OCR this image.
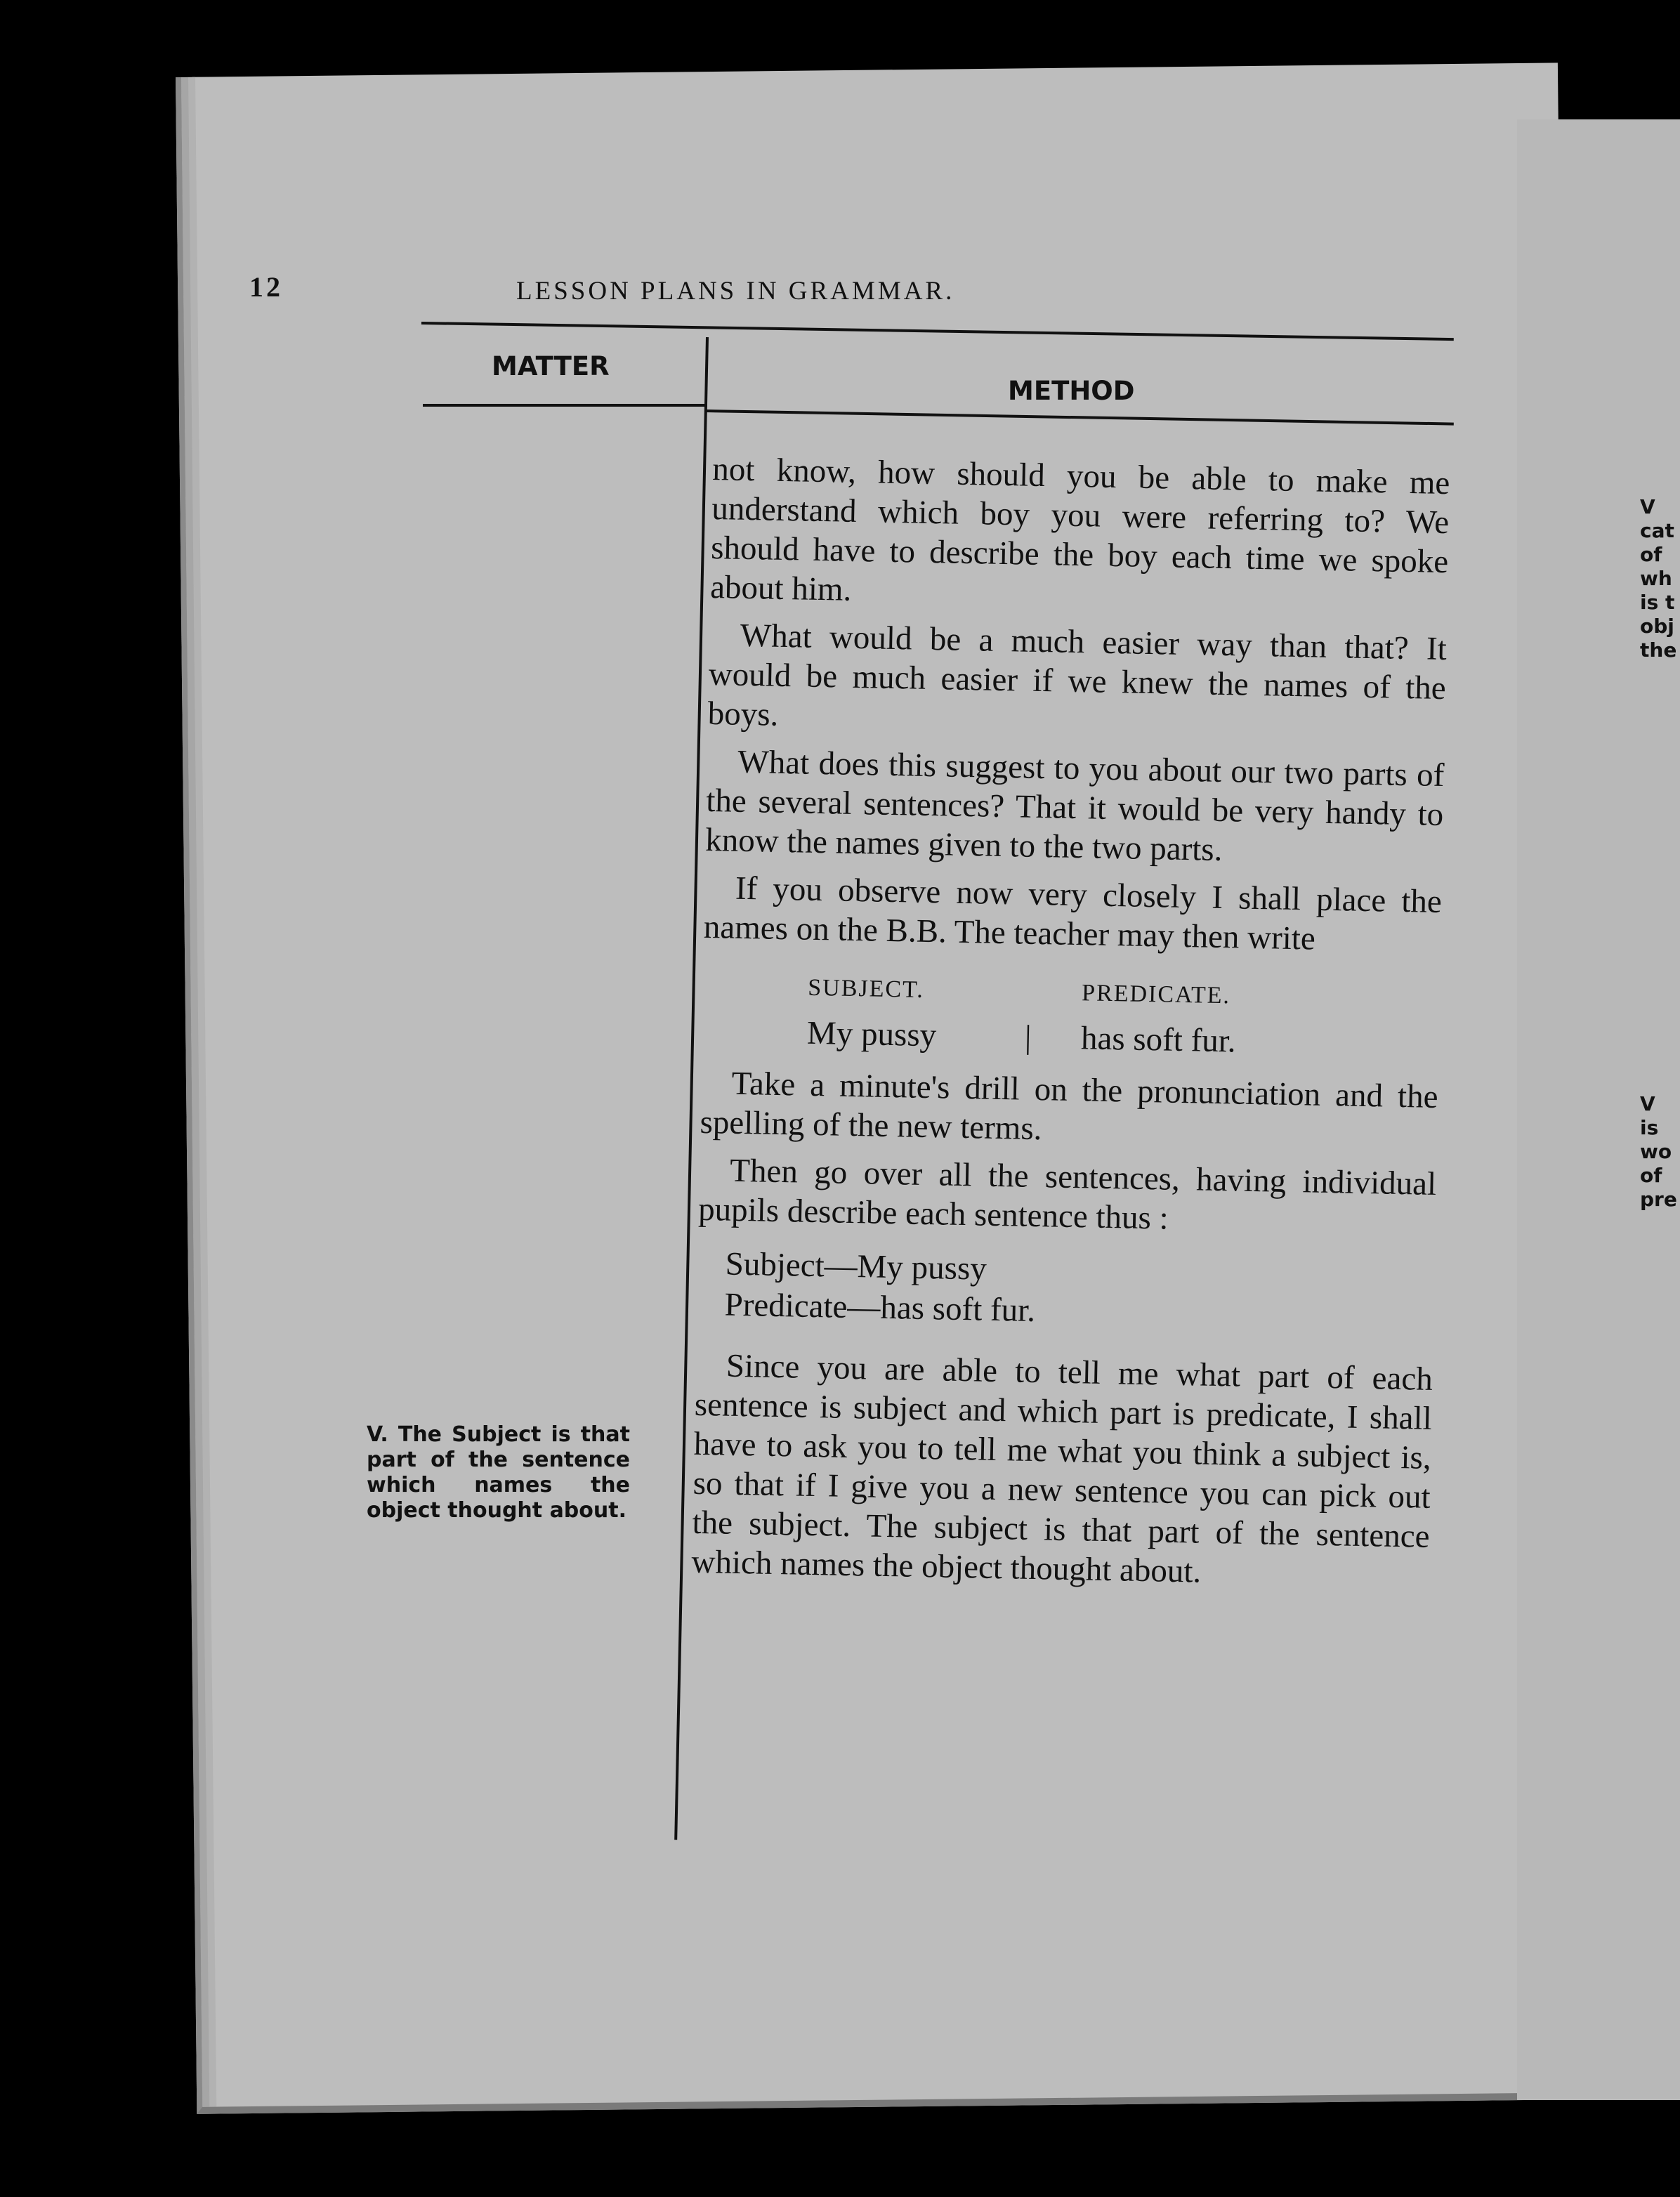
12	LESSON PLANS IN GRAMMAR.
MATTER
METHOD

not know, how should you be able to make me understand which boy you were referring to? We should have to describe the boy each time we spoke about him.

What would be a much easier way than that? It would be much easier if we knew the names of the boys.

What does this suggest to you about our two parts of the several sentences? That it would be very handy to know the names given to the two parts.

If you observe now very closely I shall place the names on the B.B. The teacher may then write

SUBJECT.	PREDICATE.
My pussy	|	has soft fur.

Take a minute's drill on the pronunciation and the spelling of the new terms.

Then go over all the sentences, having individual pupils describe each sentence thus :

Subject—My pussy
Predicate—has soft fur.

Since you are able to tell me what part of each sentence is subject and which part is predicate, I shall have to ask you to tell me what you think a subject is, so that if I give you a new sentence you can pick out the subject. The subject is that part of the sentence which names the object thought about.

V. The Subject is that part of the sentence which names the object thought about.
V
cat
of
wh
is t
obj
the
V
is
wo
of
pre
